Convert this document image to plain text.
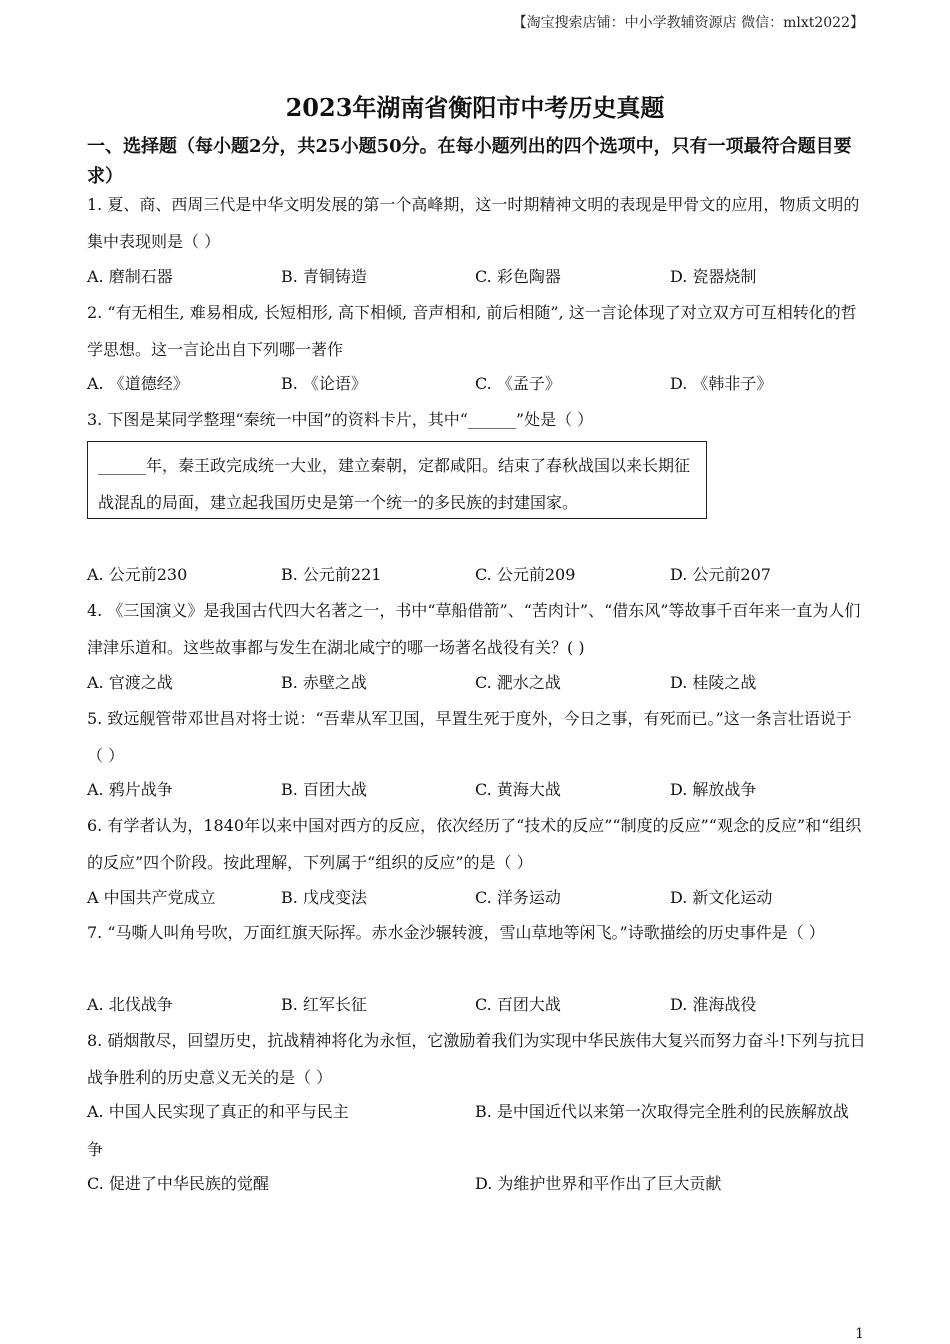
【淘宝搜索店铺：中小学教辅资源店 微信：mlxt2022】
2023年湖南省衡阳市中考历史真题
一、选择题（每小题2分，共25小题50分。在每小题列出的四个选项中，只有一项最符合题目要求）
1. 夏、商、西周三代是中华文明发展的第一个高峰期，这一时期精神文明的表现是甲骨文的应用，物质文明的集中表现则是（ ）
A. 磨制石器	B. 青铜铸造	C. 彩色陶器	D. 瓷器烧制
2. “有无相生, 难易相成, 长短相形, 高下相倾, 音声相和, 前后相随”, 这一言论体现了对立双方可互相转化的哲学思想。这一言论出自下列哪一著作
A. 《道德经》	B. 《论语》	C. 《孟子》	D. 《韩非子》
3. 下图是某同学整理“秦统一中国”的资料卡片，其中“______”处是（ ）
______年，秦王政完成统一大业，建立秦朝，定都咸阳。结束了春秋战国以来长期征战混乱的局面，建立起我国历史是第一个统一的多民族的封建国家。
A. 公元前230	B. 公元前221	C. 公元前209	D. 公元前207
4. 《三国演义》是我国古代四大名著之一，书中“草船借箭”、“苦肉计”、“借东风”等故事千百年来一直为人们津津乐道和。这些故事都与发生在湖北咸宁的哪一场著名战役有关？( )
A. 官渡之战	B. 赤壁之战	C. 淝水之战	D. 桂陵之战
5. 致远舰管带邓世昌对将士说：“吾辈从军卫国，早置生死于度外，今日之事，有死而已。”这一条言壮语说于（ ）
A. 鸦片战争	B. 百团大战	C. 黄海大战	D. 解放战争
6. 有学者认为，1840年以来中国对西方的反应，依次经历了“技术的反应”“制度的反应”“观念的反应”和“组织的反应”四个阶段。按此理解，下列属于“组织的反应”的是（ ）
A 中国共产党成立	B. 戊戌变法	C. 洋务运动	D. 新文化运动
7. “马嘶人叫角号吹，万面红旗天际挥。赤水金沙辗转渡，雪山草地等闲飞。”诗歌描绘的历史事件是（ ）
A. 北伐战争	B. 红军长征	C. 百团大战	D. 淮海战役
8. 硝烟散尽，回望历史，抗战精神将化为永恒，它激励着我们为实现中华民族伟大复兴而努力奋斗!下列与抗日战争胜利的历史意义无关的是（ ）
A. 中国人民实现了真正的和平与民主	B. 是中国近代以来第一次取得完全胜利的民族解放战
争
C. 促进了中华民族的觉醒	D. 为维护世界和平作出了巨大贡献
1
